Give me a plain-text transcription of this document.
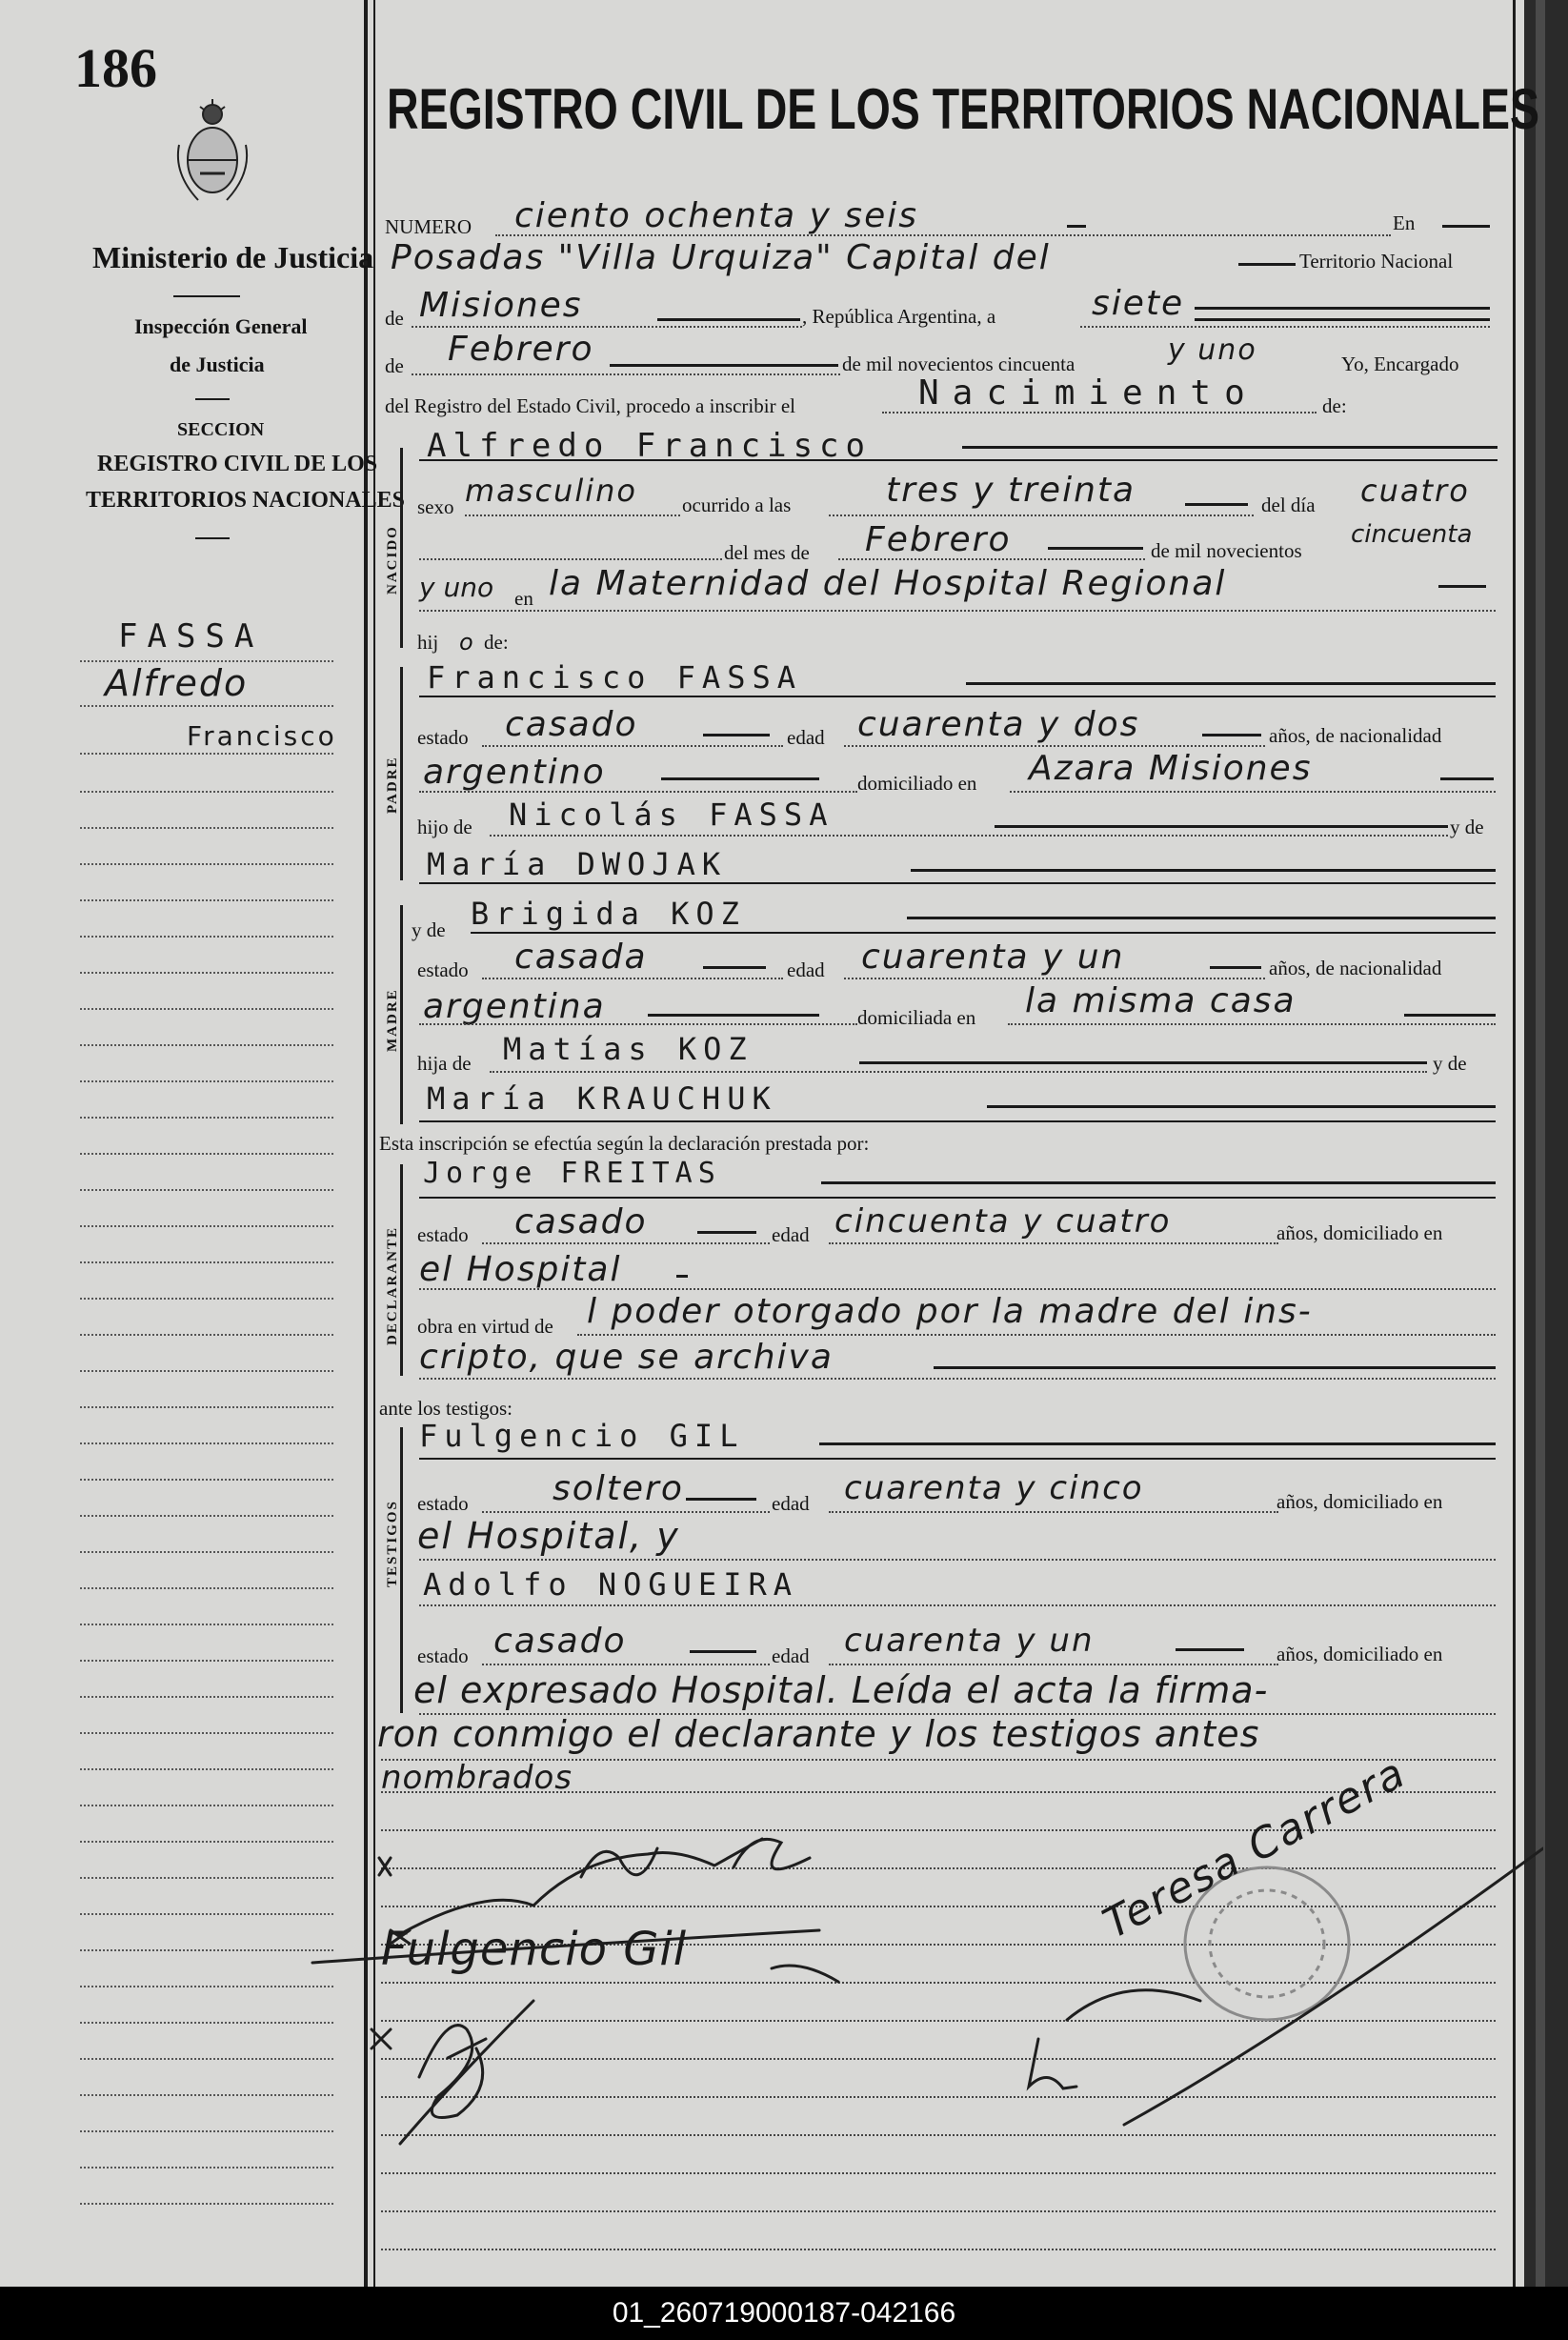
186
Ministerio de Justicia
Inspección General
de Justicia
SECCION
REGISTRO CIVIL DE LOS
TERRITORIOS NACIONALES
FASSA
Alfredo
Francisco
REGISTRO CIVIL DE LOS TERRITORIOS NACIONALES
NUMERO ciento ochenta y seis	En
Posadas "Villa Urquiza" Capital del	Territorio Nacional
de Misiones	, República Argentina, a	siete
de Febrero	de mil novecientos cincuenta	y uno	Yo, Encargado
del Registro del Estado Civil, procedo a inscribir el	Nacimiento	de:
NACIDO
Alfredo Francisco
sexo masculino ocurrido a las	tres y treinta	del día cuatro
del mes de Febrero	de mil novecientos
cincuenta
y uno en la Maternidad del Hospital Regional
hij o de:
PADRE
Francisco FASSA
estado casado	edad cuarenta y dos	años, de nacionalidad
argentino	domiciliado en Azara Misiones
hijo de Nicolás FASSA	y de
María DWOJAK
MADRE
y de Brigida KOZ
estado casada	edad cuarenta y un	años, de nacionalidad
argentina	domiciliada en la misma casa
hija de Matías KOZ	y de
María KRAUCHUK
Esta inscripción se efectúa según la declaración prestada por:
DECLARANTE
Jorge FREITAS
estado casado	edad cincuenta y cuatro	años, domiciliado en
el Hospital
obra en virtud de l poder otorgado por la madre del ins-
cripto, que se archiva
ante los testigos:
TESTIGOS
Fulgencio GIL
estado soltero	edad cuarenta y cinco	años, domiciliado en
el Hospital, y
Adolfo NOGUEIRA
estado casado	edad cuarenta y un	años, domiciliado en
el expresado Hospital. Leída el acta la firma-
ron conmigo el declarante y los testigos antes
nombrados
Fulgencio Gil
Teresa Carrera
01_260719000187-042166
